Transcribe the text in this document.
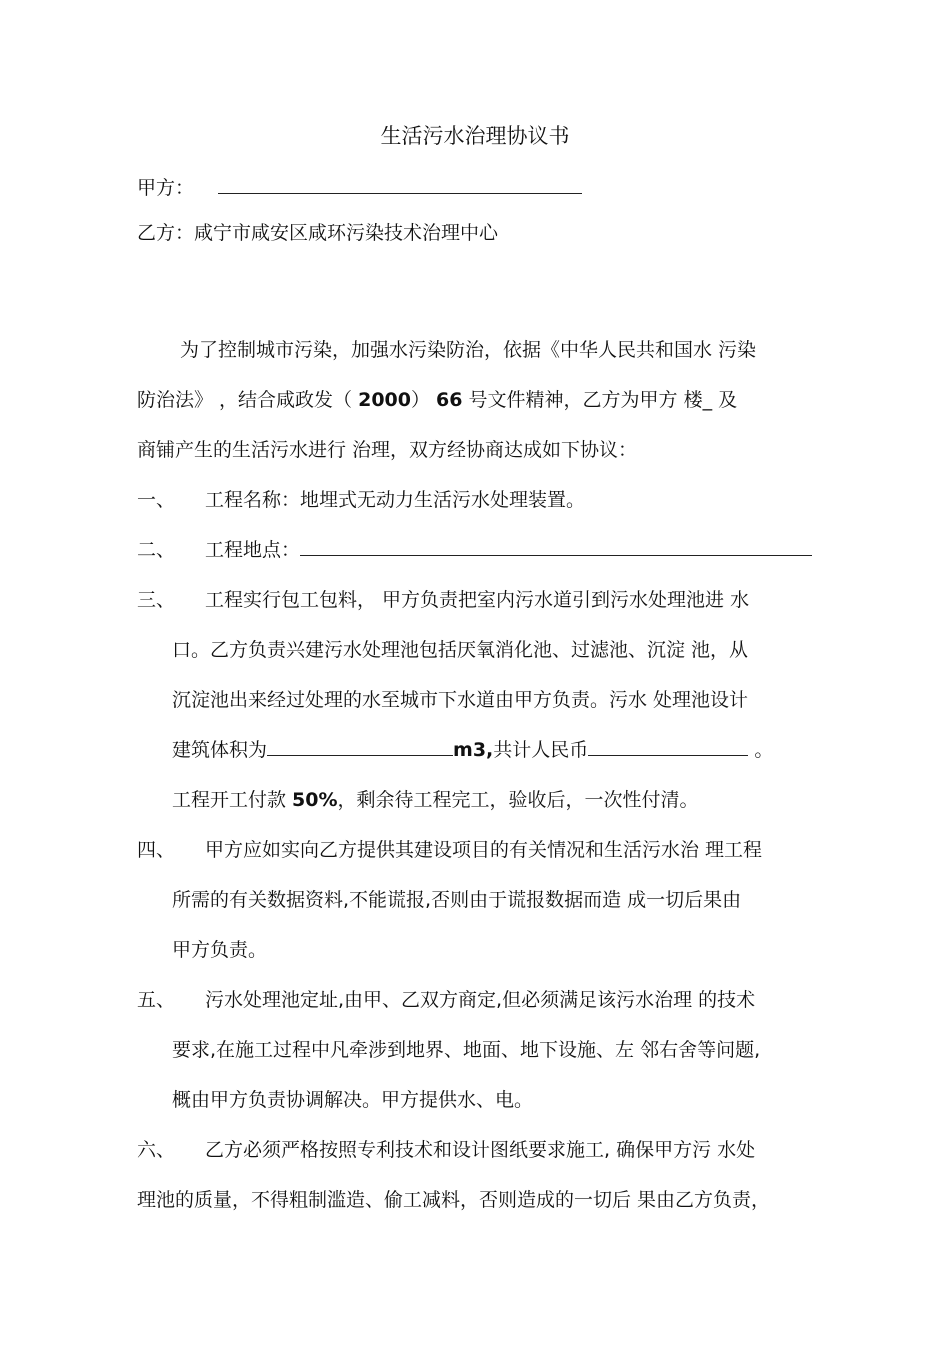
生活污水治理协议书
甲方：
乙方：咸宁市咸安区咸环污染技术治理中心
为了控制城市污染，加强水污染防治，依据《中华人民共和国水 污染
防治法》 ，结合咸政发（ 2000） 66 号文件精神，乙方为甲方 楼_ 及
商铺产生的生活污水进行 治理，双方经协商达成如下协议：
一、 工程名称：地埋式无动力生活污水处理装置。
二、 工程地点：
三、 工程实行包工包料， 甲方负责把室内污水道引到污水处理池进 水
口。乙方负责兴建污水处理池包括厌氧消化池、过滤池、沉淀 池，从
沉淀池出来经过处理的水至城市下水道由甲方负责。污水 处理池设计
建筑体积为	m3,共计人民币	。
工程开工付款 50%，剩余待工程完工，验收后，一次性付清。
四、 甲方应如实向乙方提供其建设项目的有关情况和生活污水治 理工程
所需的有关数据资料,不能谎报,否则由于谎报数据而造 成一切后果由
甲方负责。
五、 污水处理池定址,由甲、乙双方商定,但必须满足该污水治理 的技术
要求,在施工过程中凡牵涉到地界、地面、地下设施、左 邻右舍等问题,
概由甲方负责协调解决。甲方提供水、电。
六、 乙方必须严格按照专利技术和设计图纸要求施工, 确保甲方污 水处
理池的质量，不得粗制滥造、偷工减料，否则造成的一切后 果由乙方负责，
